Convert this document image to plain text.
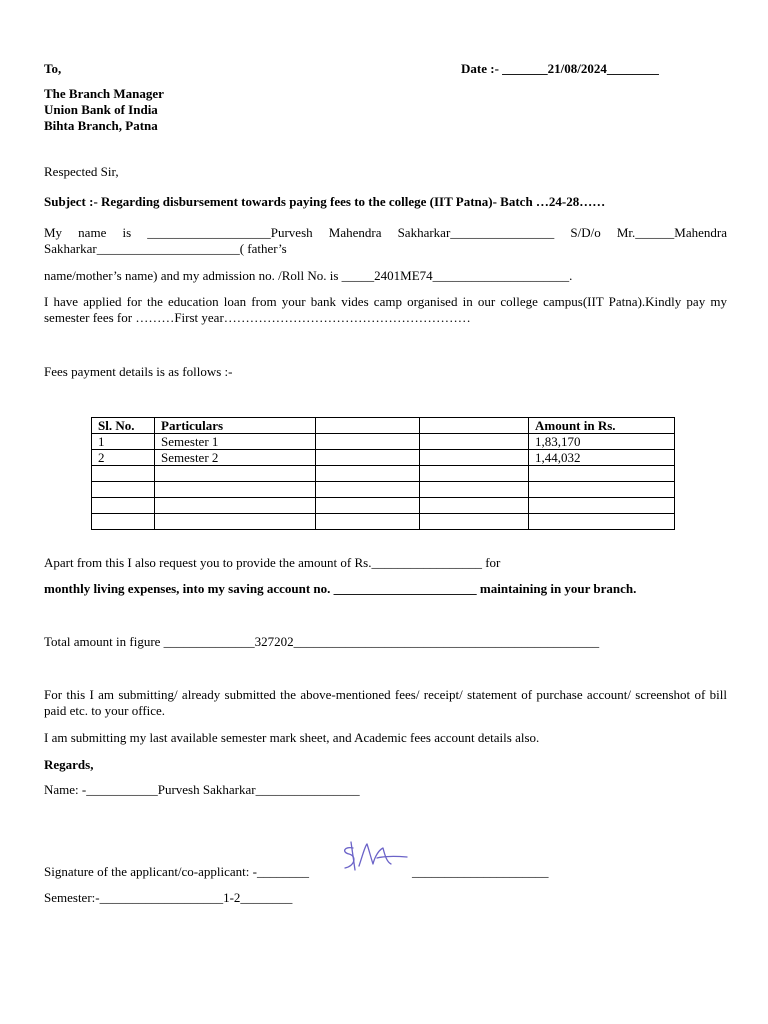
To,	Date :- _______21/08/2024________
The Branch Manager
Union Bank of India
Bihta Branch, Patna
Respected Sir,
Subject :- Regarding disbursement towards paying fees to the college (IIT Patna)- Batch …24-28……
My name is ___________________Purvesh Mahendra Sakharkar________________ S/D/o Mr.______Mahendra Sakharkar______________________( father’s
name/mother’s name) and my admission no. /Roll No. is _____2401ME74_____________________.
I have applied for the education loan from your bank vides camp organised in our college campus(IIT Patna).Kindly pay my semester fees for ………First year…………………………………………………
Fees payment details is as follows :-
Sl. No.	Particulars			Amount in Rs.
1	Semester 1			1,83,170
2	Semester 2			1,44,032

Apart from this I also request you to provide the amount of Rs._________________ for
monthly living expenses, into my saving account no. ______________________ maintaining in your branch.
Total amount in figure ______________327202_______________________________________________
For this I am submitting/ already submitted the above-mentioned fees/ receipt/ statement of purchase account/ screenshot of bill paid etc. to your office.
I am submitting my last available semester mark sheet, and Academic fees account details also.
Regards,
Name: -___________Purvesh Sakharkar________________
Signature of the applicant/co-applicant: -________	_____________________
Semester:-___________________1-2________
